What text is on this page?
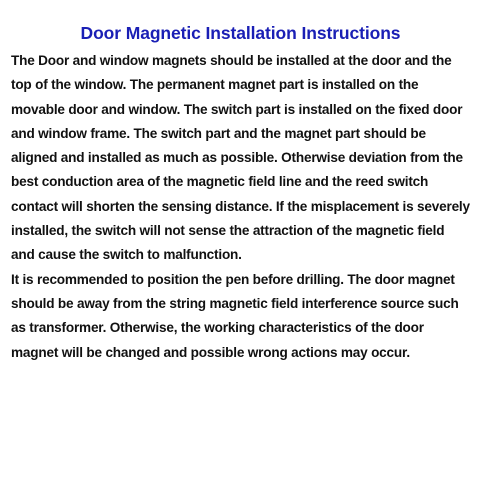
Door Magnetic Installation Instructions

The Door and window magnets should be installed at the door and the top of the window. The permanent magnet part is installed on the movable door and window. The switch part is installed on the fixed door and window frame. The switch part and the magnet part should be aligned and installed as much as possible. Otherwise deviation from the best conduction area of the magnetic field line and the reed switch contact will shorten the sensing distance. If the misplacement is severely installed, the switch will not sense the attraction of the magnetic field and cause the switch to malfunction.

It is recommended to position the pen before drilling. The door magnet should be away from the string magnetic field interference source such as transformer. Otherwise, the working characteristics of the door magnet will be changed and possible wrong actions may occur.
